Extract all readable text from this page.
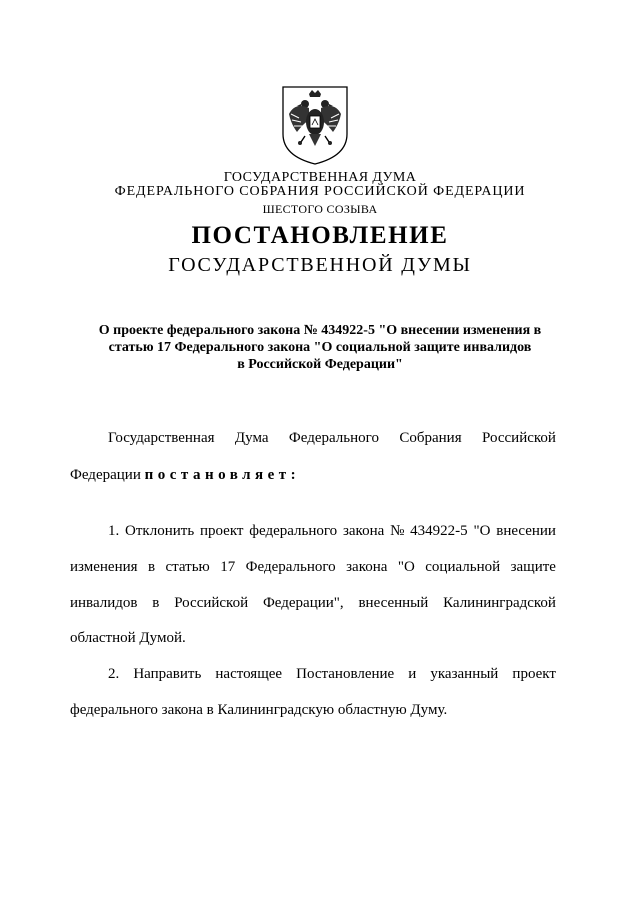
ГОСУДАРСТВЕННАЯ ДУМА
ФЕДЕРАЛЬНОГО СОБРАНИЯ РОССИЙСКОЙ ФЕДЕРАЦИИ
ШЕСТОГО СОЗЫВА
ПОСТАНОВЛЕНИЕ
ГОСУДАРСТВЕННОЙ ДУМЫ
О проекте федерального закона № 434922-5 "О внесении изменения в
статью 17 Федерального закона "О социальной защите инвалидов
в Российской Федерации"
Государственная Дума Федерального Собрания Российской
Федерации постановляет:
1. Отклонить проект федерального закона № 434922-5 "О внесении
изменения в статью 17 Федерального закона "О социальной защите
инвалидов в Российской Федерации", внесенный Калининградской
областной Думой.
2. Направить настоящее Постановление и указанный проект
федерального закона в Калининградскую областную Думу.
